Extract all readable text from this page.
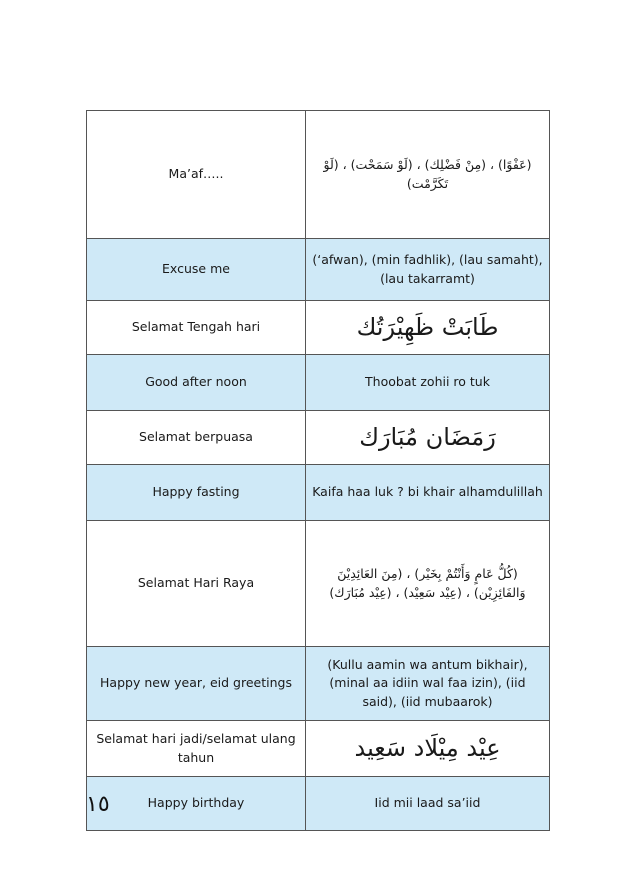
Ma’af…..	(عَفْوًا) ، (مِنْ فَضْلِك) ، (لَوْ سَمَحْت) ، (لَوْ تَكَرَّمْت)
Excuse me	(‘afwan), (min fadhlik), (lau samaht), (lau takarramt)
Selamat Tengah hari	طَابَتْ ظَهِيْرَتُك
Good after noon	Thoobat zohii ro tuk
Selamat berpuasa	رَمَضَان مُبَارَك
Happy fasting	Kaifa haa luk ? bi khair alhamdulillah
Selamat Hari Raya	(كُلُّ عَامٍ وَأَنْتُمْ بِخَيْر) ، (مِنَ العَائِدِيْنَ وَالفَائِزِيْن) ، (عِيْد سَعِيْد) ، (عِيْد مُبَارَك)
Happy new year, eid greetings	(Kullu aamin wa antum bikhair), (minal aa idiin wal faa izin), (iid said), (iid mubaarok)
Selamat hari jadi/selamat ulang tahun	عِيْد مِيْلَاد سَعِيد
Happy birthday	Iid mii laad sa’iid
١٥
